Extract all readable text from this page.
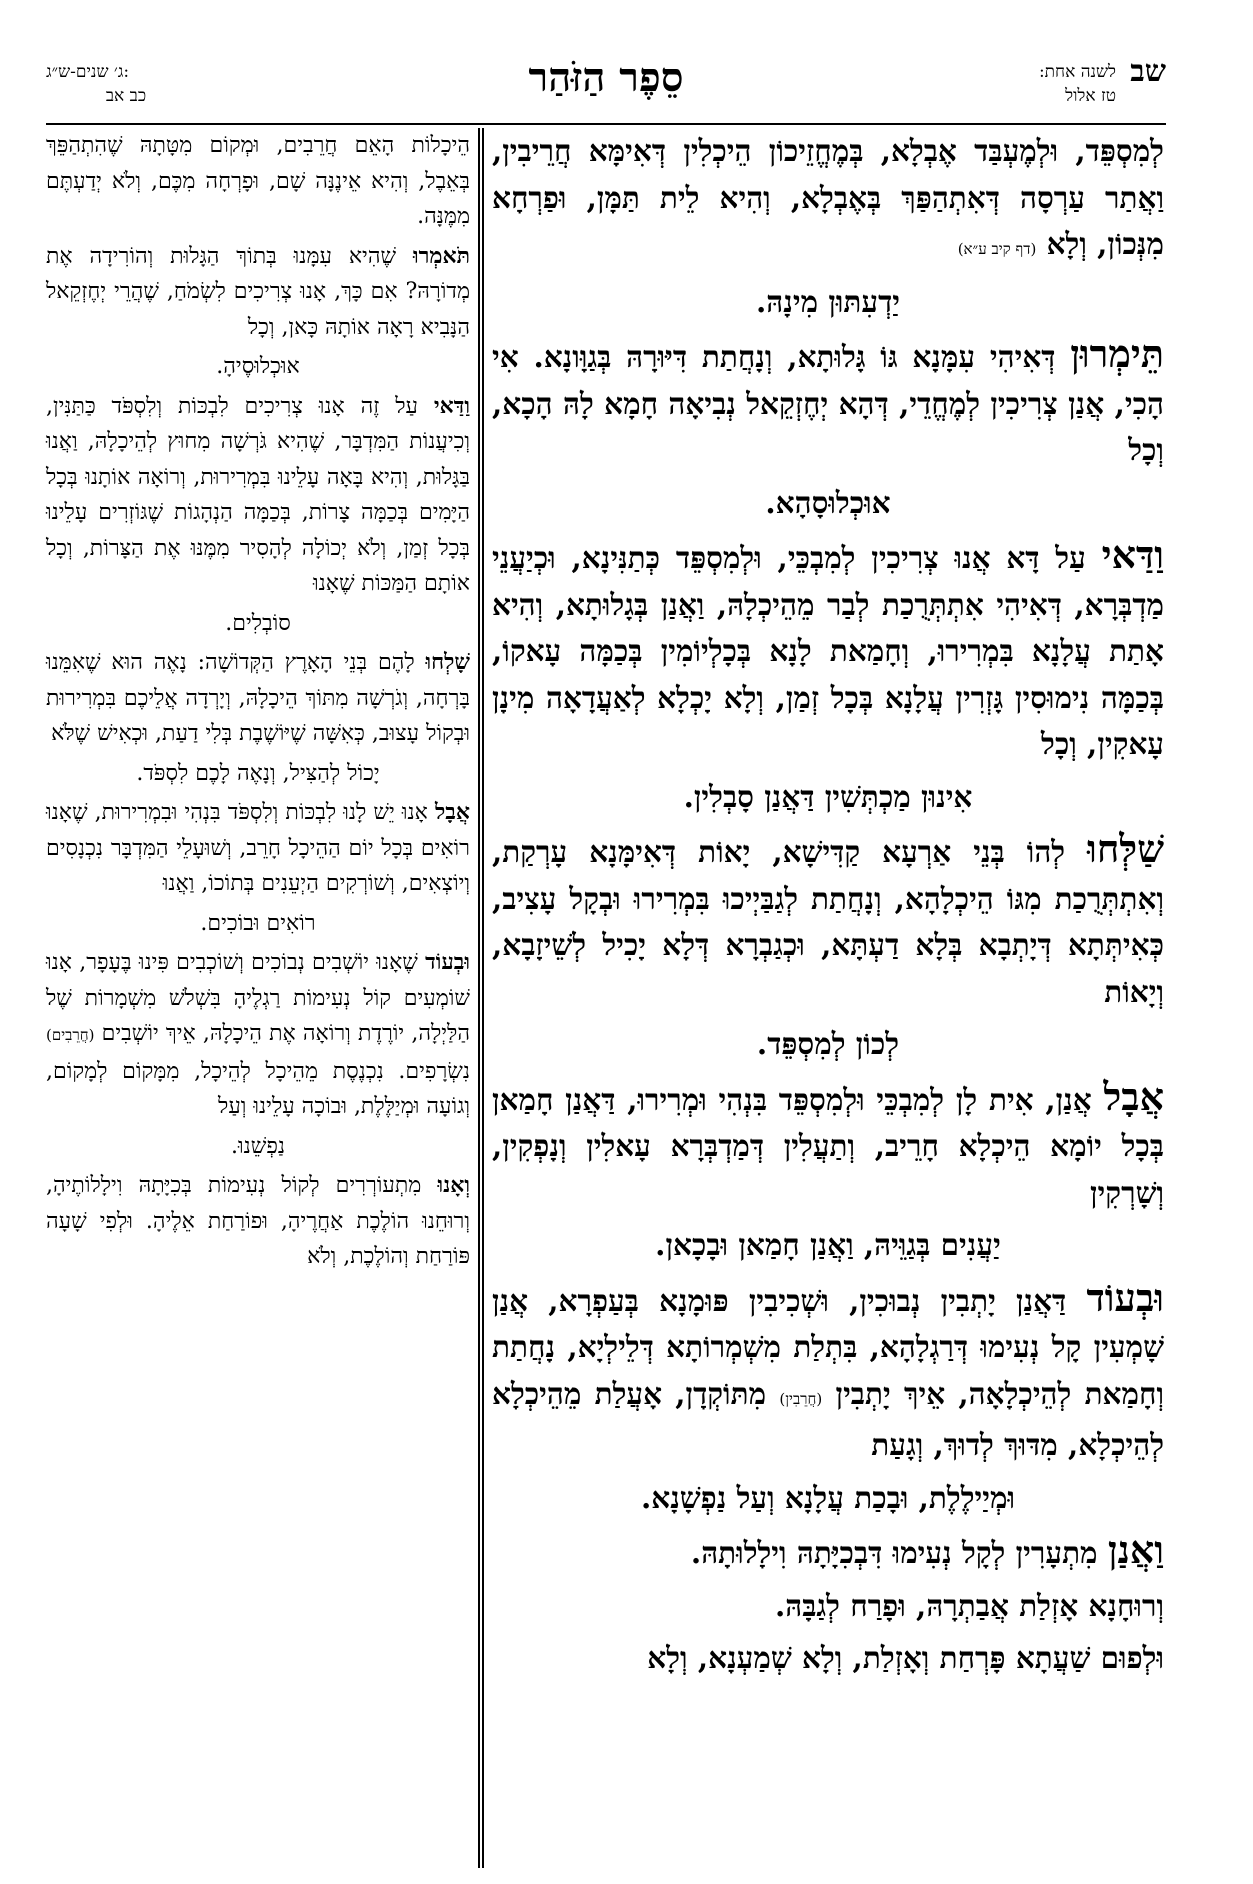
ג׳ שנים-ש״ג:
כב אב	סֵפֶר הַזֹּהַר	לשנה אחת:
טז אלול
שב

לְמִסְפֵּד, וּלְמֶעְבַּד אֶבְלָא, בְּמֶחֱזֵיכוֹן הֵיכְלִין דְּאִימָּא חֲרֵיבִין, וַאֲתַר עַרְסָה דְּאִתְהַפַּךְ בְּאֶבְלָא, וְהִיא לֵית תַּמָּן, וּפַרְחָא מִנְּכוֹן, וְלָא (דף קיב ע״א)

יַדְעִתּוּן מִינָהּ.

תֵּימְרוּן דְּאִיהִי עִמָּנָא גּוֹ גָּלוּתָא, וְנָחֲתַת דִּיּוּרָהּ בְּגַוָּונָא. אִי הָכִי, אֲנַן צְרִיכִין לְמֶחֱדֵי, דְּהָא יְחֶזְקֵאל נְבִיאָה חָמָא לָהּ הָכָא, וְכָל

אוּכְלוּסָהָא.

וַדַּאי עַל דָּא אֲנוּ צְרִיכִין לְמִבְכֵּי, וּלְמִסְפֵּד כְּתַנִּינָא, וּכְיַעֲנֵי מַדְבְּרָא, דְּאִיהִי אִתְתְּרֻכַת לְבַר מֵהֵיכְלָהּ, וַאֲנַן בְּגָלוּתָא, וְהִיא אָתַת עֲלָנָא בִּמְרִירוּ, וְחָמַאת לָנָא בְּכָלְיוֹמִין בְּכַמָּה עָאקוֹ, בְּכַמָּה נִימוּסִין גָּזְרִין עֲלָנָא בְּכָל זְמַן, וְלָא יָכְלָא לְאַעֲדָאָה מִינָן עָאקִין, וְכָל

אִינוּן מַכְתְּשִׁין דַּאֲנַן סָבְלִין.

שַׁלְּחוּ לְהוֹ בְּנֵי אַרְעָא קַדִּישָׁא, יָאוֹת דְּאִימָּנָא עָרְקַת, וְאִתְתְּרֻכַת מִגּוֹ הֵיכְלָהָא, וְנָחֲתַת לְגַבַּיְיכוּ בִּמְרִירוּ וּבְקָל עָצִיב, כְּאִיתְּתָא דְּיָתְבָא בְּלָא דַעְתָּא, וּכְגַבְרָא דְּלָא יָכִיל לְשֵׁיזָבָא, וְיָאוֹת

לְכוֹן לְמִסְפֵּד.

אֲבָל אֲנַן, אִית לָן לְמִבְכֵּי וּלְמִסְפֵּד בִּנְהִי וּמְרִירוּ, דַּאֲנַן חָמַאן בְּכָל יוֹמָא הֵיכְלָא חָרֵיב, וְתַעֲלִין דְּמַדְבְּרָא עָאלִין וְנָפְקִין, וְשָׁרְקִין

יַעֲנִים בְּגַוֵּיהּ, וַאֲנַן חָמַאן וּבָכָאן.

וּבְעוֹד דַּאֲנַן יָתְבִין נְבוּכִין, וּשְׁכִיבִין פּוּמָנָא בְּעַפְרָא, אֲנַן שָׁמְעִין קָל נְעִימוּ דְּרַגְלָהָא, בִּתְלַת מִשְׁמְרוֹתָא דְּלֵילְיָא, נָחֲתַת וְחָמַאת לְהֵיכְלָאָה, אֵיךְ יָתְבִין (חֲרֵבִין) מִתּוֹקְדָן, אָעֲלַת מֵהֵיכְלָא לְהֵיכְלָא, מִדּוּךְ לְדוּךְ, וְגָעַת

וּמְיַילֶלֶת, וּבָכַת עֲלָנָא וְעַל נַפְשָׁנָא.

וַאֲנַן מִתְעָרִין לְקָל נְעִימוּ דִּבְכִיָּתָהּ וִילָלוּתָהּ.

וְרוּחָנָא אָזְלַת אֲבַתְרָהּ, וּפָרַח לְגַבָּהּ.

וּלְפוּם שַׁעֲתָא פָּרְחַת וְאָזְלַת, וְלָא שְׁמַעְנָא, וְלָא

הֵיכָלוֹת הָאֵם חֲרֵבִים, וּמְקוֹם מִטָּתָהּ שֶׁהִתְהַפֵּךְ בְּאֵבֶל, וְהִיא אֵינֶנָּה שָׁם, וּפָרְחָה מִכֶּם, וְלֹא יְדַעְתֶּם מִמֶּנָּה.

תֹּאמְרוּ שֶׁהִיא עִמָּנוּ בְּתוֹךְ הַגָּלוּת וְהוֹרִידָה אֶת מְדוֹרָהּ? אִם כָּךְ, אָנוּ צְרִיכִים לִשְׂמֹחַ, שֶׁהֲרֵי יְחֶזְקֵאל הַנָּבִיא רָאָה אוֹתָהּ כָּאן, וְכָל

אוּכְלוּסֶיהָ.

וַדַּאי עַל זֶה אָנוּ צְרִיכִים לִבְכּוֹת וְלִסְפֹּד כַּתַּנִּין, וְכִיעֲנוֹת הַמִּדְבָּר, שֶׁהִיא גֹּרְשָׁה מִחוּץ לְהֵיכָלָהּ, וַאֲנוּ בַּגָּלוּת, וְהִיא בָּאָה עָלֵינוּ בִּמְרִירוּת, וְרוֹאָה אוֹתָנוּ בְּכָל הַיָּמִים בְּכַמָּה צָרוֹת, בְּכַמָּה הַנְהָגוֹת שֶׁגּוֹזְרִים עָלֵינוּ בְּכָל זְמַן, וְלֹא יְכוֹלָה לְהָסִיר מִמֶּנּוּ אֶת הַצָּרוֹת, וְכָל אוֹתָם הַמַּכּוֹת שֶׁאָנוּ

סוֹבְלִים.

שָׁלְחוּ לָהֶם בְּנֵי הָאָרֶץ הַקְּדוֹשָׁה: נָאֶה הוּא שֶׁאִמֵּנוּ בָּרְחָה, וְגֹרְשָׁה מִתּוֹךְ הֵיכָלָהּ, וְיָרְדָה אֲלֵיכֶם בִּמְרִירוּת וּבְקוֹל עָצוּב, כְּאִשָּׁה שֶׁיּוֹשֶׁבֶת בְּלִי דַעַת, וּכְאִישׁ שֶׁלֹּא

יָכוֹל לְהַצִּיל, וְנָאֶה לָכֶם לִסְפֹּד.

אֲבָל אָנוּ יֵשׁ לָנוּ לִבְכּוֹת וְלִסְפֹּד בִּנְהִי וּבִמְרִירוּת, שֶׁאָנוּ רוֹאִים בְּכָל יוֹם הַהֵיכָל חָרֵב, וְשׁוּעָלֵי הַמִּדְבָּר נִכְנָסִים וְיוֹצְאִים, וְשׁוֹרְקִים הַיְעֵנִים בְּתוֹכוֹ, וַאֲנוּ

רוֹאִים וּבוֹכִים.

וּבְעוֹד שֶׁאָנוּ יוֹשְׁבִים נְבוֹכִים וְשׁוֹכְבִים פִּינוּ בֶּעָפָר, אָנוּ שׁוֹמְעִים קוֹל נְעִימוֹת רַגְלֶיהָ בִּשְׁלֹשׁ מִשְׁמָרוֹת שֶׁל הַלַּיְלָה, יוֹרֶדֶת וְרוֹאָה אֶת הֵיכָלָהּ, אֵיךְ יוֹשְׁבִים (חֲרֵבִים) נִשְׂרָפִים. נִכְנֶסֶת מֵהֵיכָל לְהֵיכָל, מִמָּקוֹם לְמָקוֹם, וְגוֹעָה וּמְיַלֶּלֶת, וּבוֹכָה עָלֵינוּ וְעַל

נַפְשֵׁנוּ.

וְאָנוּ מִתְעוֹרְרִים לְקוֹל נְעִימוֹת בְּכִיָּתָהּ וִילָלוֹתֶיהָ, וְרוּחֵנוּ הוֹלֶכֶת אַחֲרֶיהָ, וּפוֹרַחַת אֵלֶיהָ. וּלְפִי שָׁעָה פּוֹרַחַת וְהוֹלֶכֶת, וְלֹא
